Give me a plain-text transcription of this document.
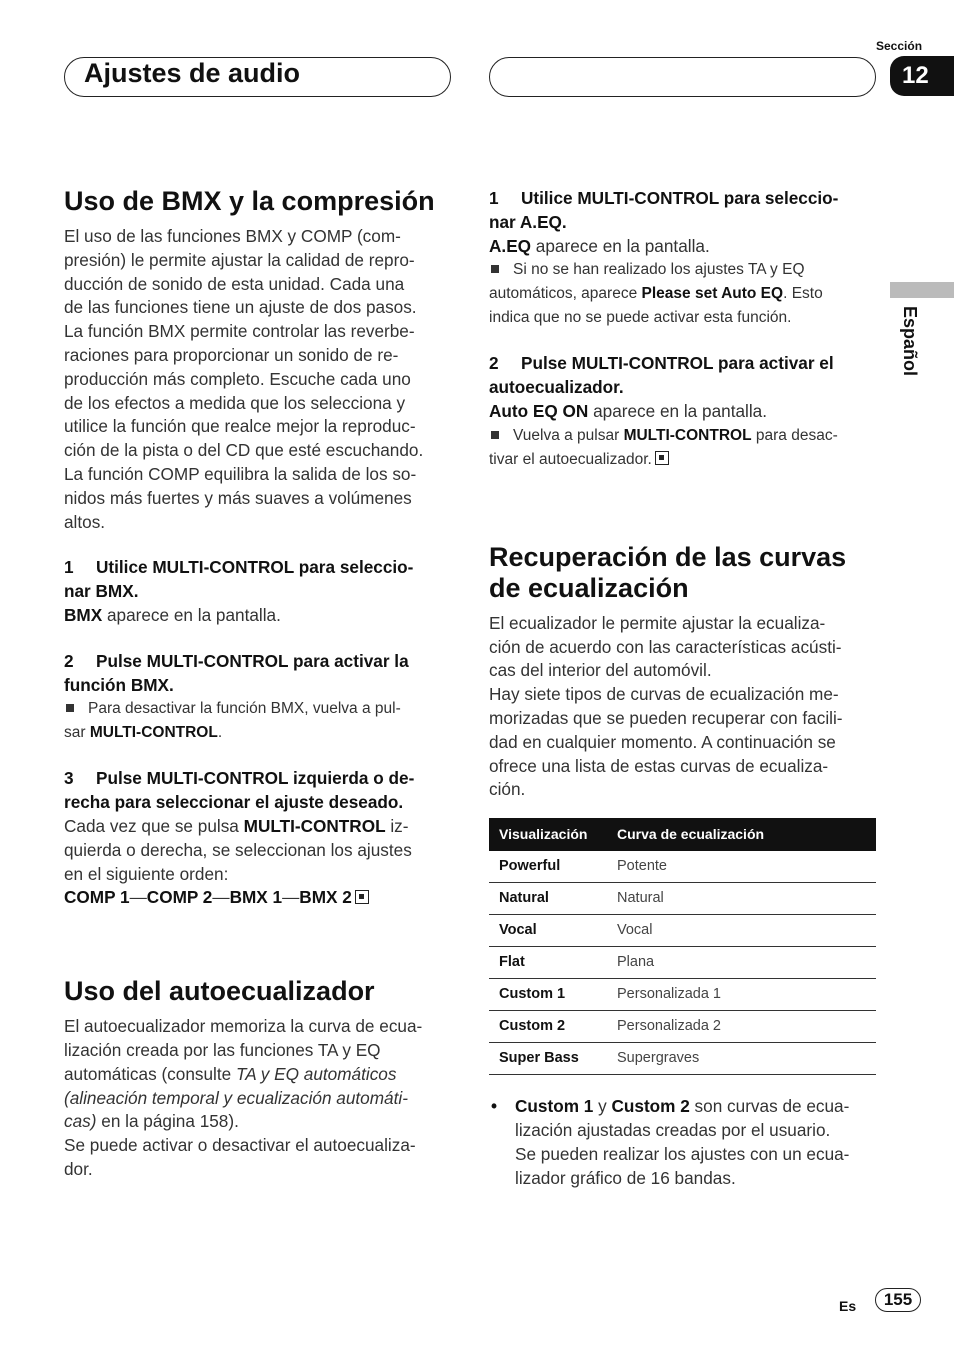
Ajustes de audio
Sección
12
Español
Uso de BMX y la compresión

El uso de las funciones BMX y COMP (com-
presión) le permite ajustar la calidad de repro-
ducción de sonido de esta unidad. Cada una
de las funciones tiene un ajuste de dos pasos.
La función BMX permite controlar las reverbe-
raciones para proporcionar un sonido de re-
producción más completo. Escuche cada uno
de los efectos a medida que los selecciona y
utilice la función que realce mejor la reproduc-
ción de la pista o del CD que esté escuchando.
La función COMP equilibra la salida de los so-
nidos más fuertes y más suaves a volúmenes
altos.

1 Utilice MULTI-CONTROL para seleccio-
nar BMX.

BMX aparece en la pantalla.

2 Pulse MULTI-CONTROL para activar la
función BMX.

Para desactivar la función BMX, vuelva a pul-
sar MULTI-CONTROL.

3 Pulse MULTI-CONTROL izquierda o de-
recha para seleccionar el ajuste deseado.

Cada vez que se pulsa MULTI-CONTROL iz-
quierda o derecha, se seleccionan los ajustes
en el siguiente orden:

COMP 1—COMP 2—BMX 1—BMX 2

Uso del autoecualizador

El autoecualizador memoriza la curva de ecua-
lización creada por las funciones TA y EQ
automáticas (consulte TA y EQ automáticos
(alineación temporal y ecualización automáti-
cas) en la página 158).

Se puede activar o desactivar el autoecualiza-
dor.

1 Utilice MULTI-CONTROL para seleccio-
nar A.EQ.

A.EQ aparece en la pantalla.

Si no se han realizado los ajustes TA y EQ
automáticos, aparece Please set Auto EQ. Esto
indica que no se puede activar esta función.

2 Pulse MULTI-CONTROL para activar el
autoecualizador.

Auto EQ ON aparece en la pantalla.

Vuelva a pulsar MULTI-CONTROL para desac-
tivar el autoecualizador.

Recuperación de las curvas
de ecualización

El ecualizador le permite ajustar la ecualiza-
ción de acuerdo con las características acústi-
cas del interior del automóvil.

Hay siete tipos de curvas de ecualización me-
morizadas que se pueden recuperar con facili-
dad en cualquier momento. A continuación se
ofrece una lista de estas curvas de ecualiza-
ción.

Visualización	Curva de ecualización
Powerful	Potente
Natural	Natural
Vocal	Vocal
Flat	Plana
Custom 1	Personalizada 1
Custom 2	Personalizada 2
Super Bass	Supergraves

• Custom 1 y Custom 2 son curvas de ecua-
lización ajustadas creadas por el usuario.
Se pueden realizar los ajustes con un ecua-
lizador gráfico de 16 bandas.

Es	155
